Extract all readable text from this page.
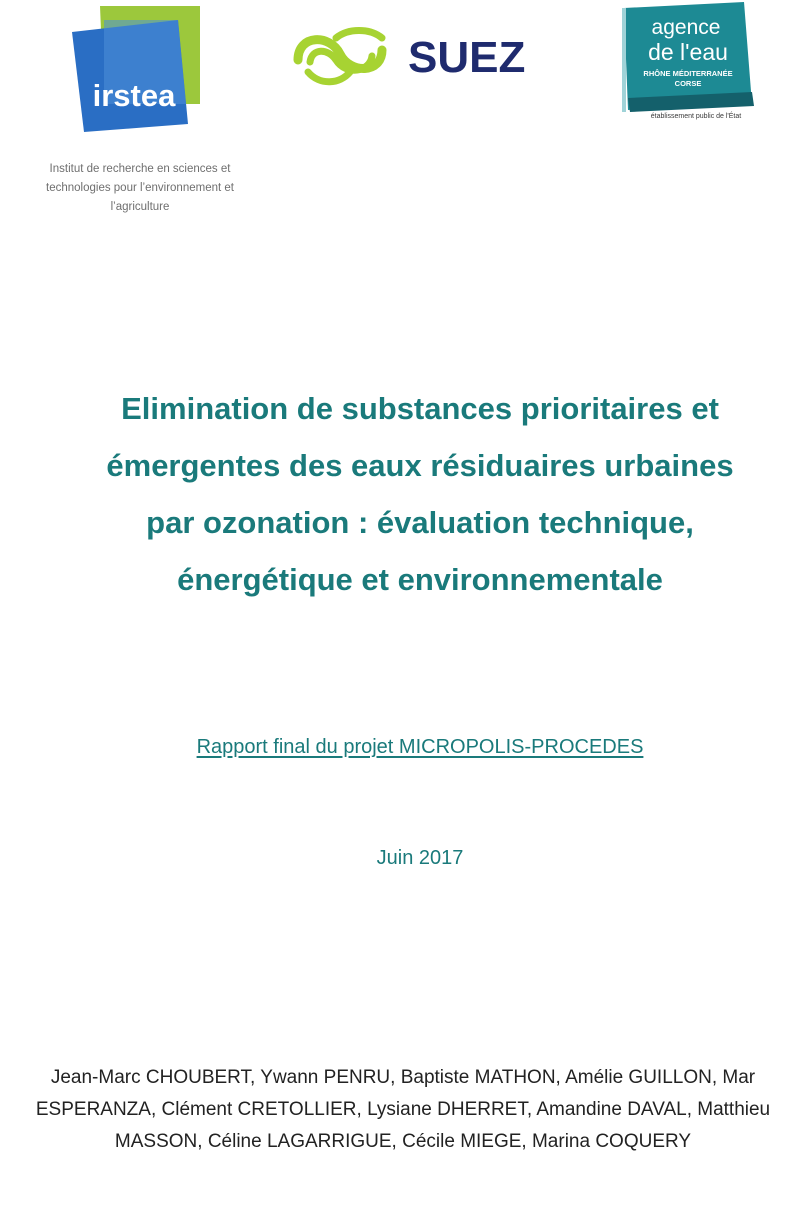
irstea
Institut de recherche en sciences et
technologies pour l’environnement et
l’agriculture
SUEZ
agence
de l'eau
RHÔNE MÉDITERRANÉE
CORSE
établissement public de l'État
Elimination de substances prioritaires et
émergentes des eaux résiduaires urbaines
par ozonation : évaluation technique,
énergétique et environnementale
Rapport final du projet MICROPOLIS-PROCEDES
Juin 2017
Jean-Marc CHOUBERT, Ywann PENRU, Baptiste MATHON, Amélie GUILLON, Mar
ESPERANZA, Clément CRETOLLIER, Lysiane DHERRET, Amandine DAVAL, Matthieu
MASSON, Céline LAGARRIGUE, Cécile MIEGE, Marina COQUERY
